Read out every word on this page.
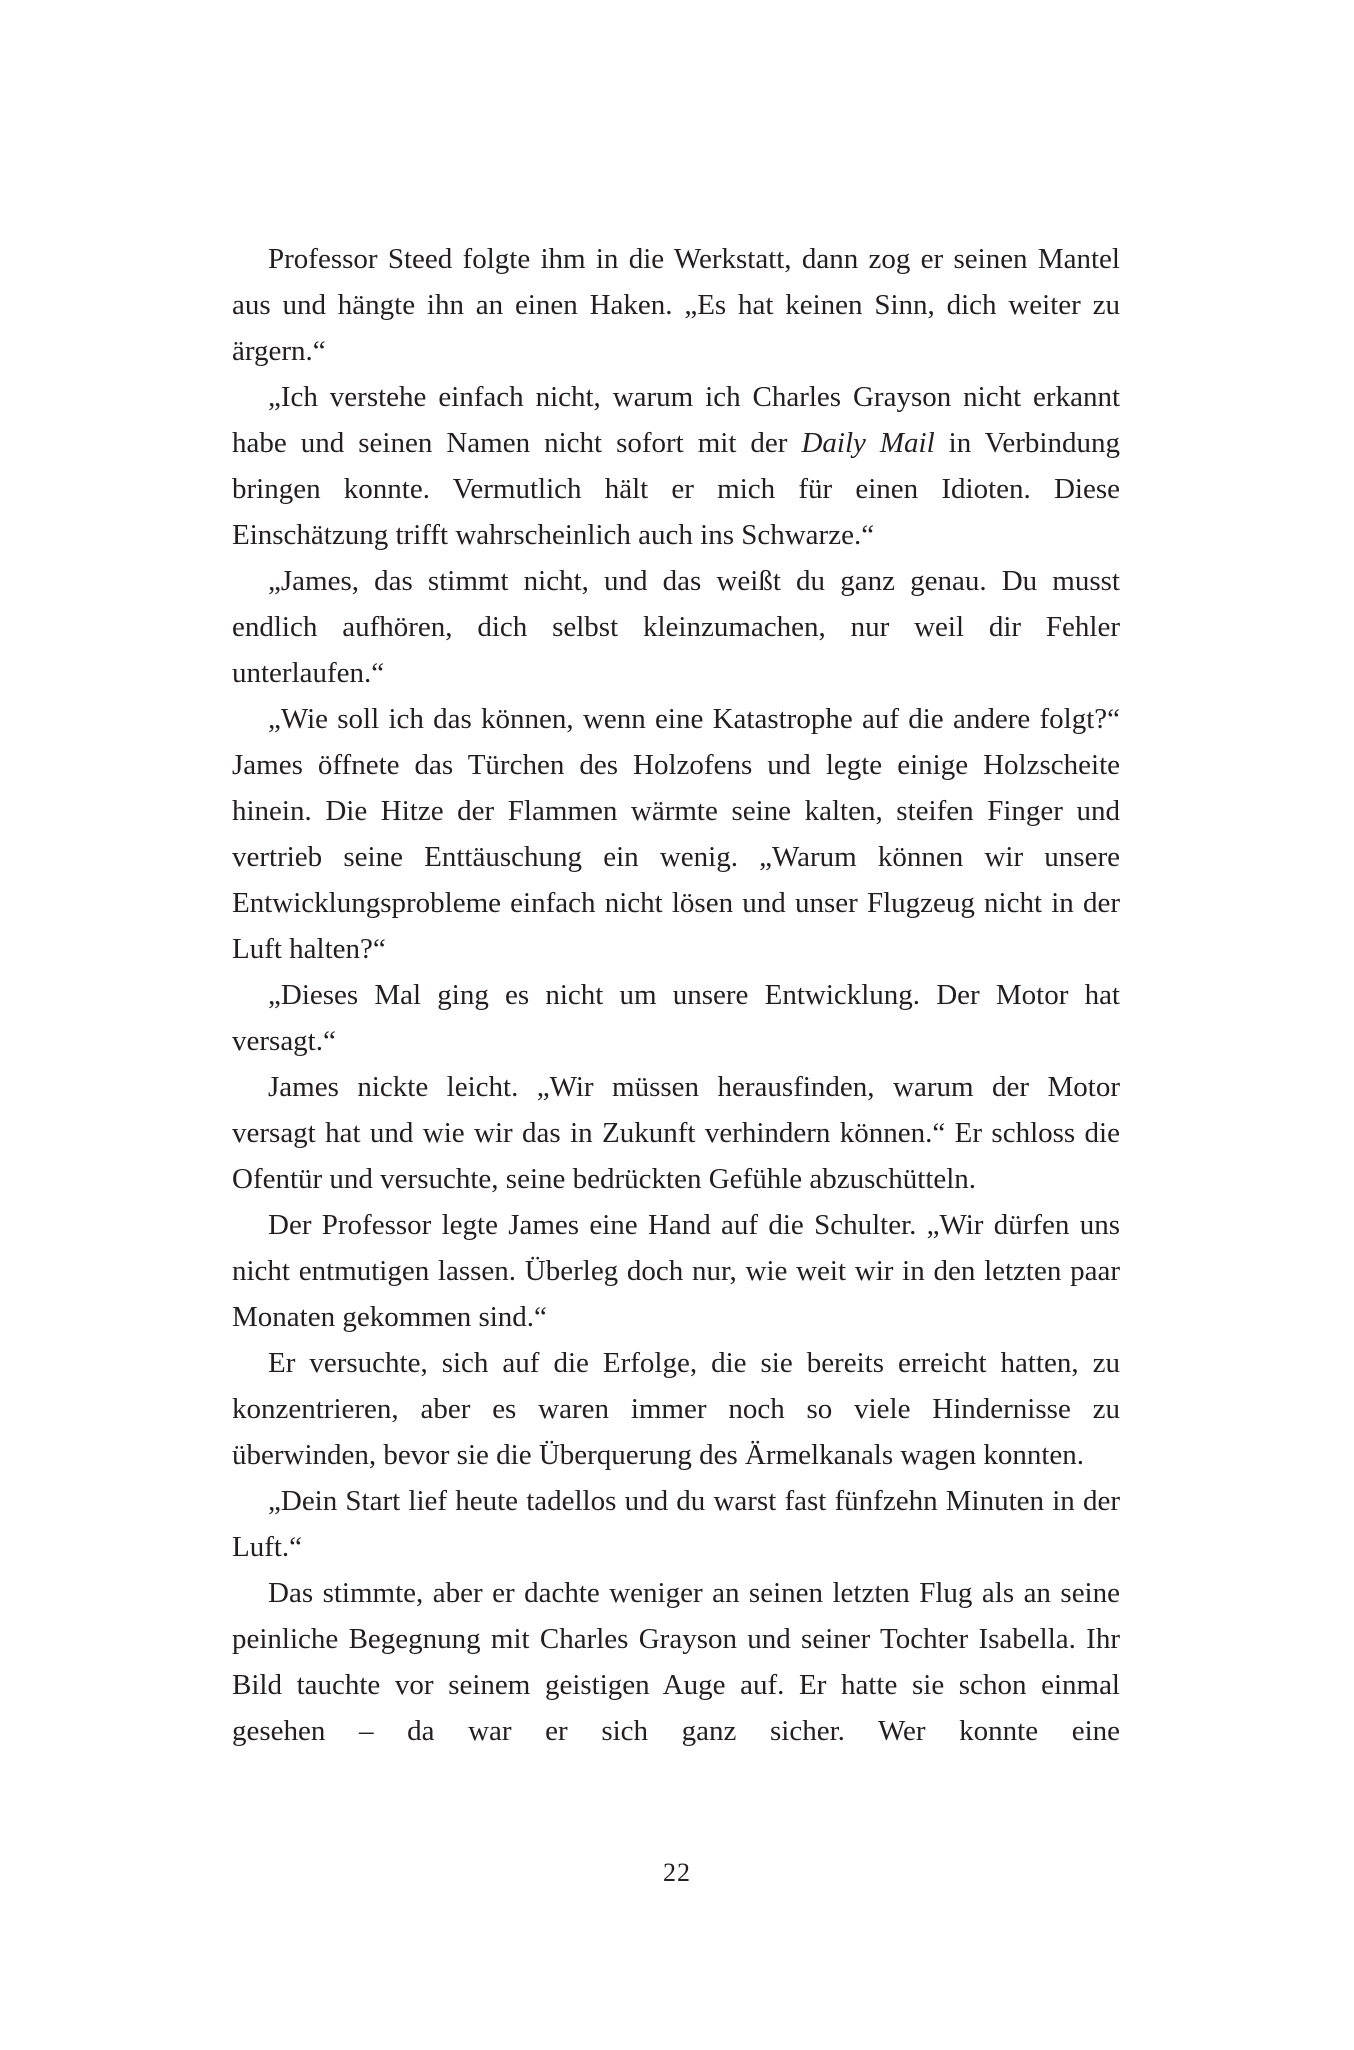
Professor Steed folgte ihm in die Werkstatt, dann zog er seinen Mantel aus und hängte ihn an einen Haken. „Es hat keinen Sinn, dich weiter zu ärgern.“

„Ich verstehe einfach nicht, warum ich Charles Grayson nicht erkannt habe und seinen Namen nicht sofort mit der Daily Mail in Verbindung bringen konnte. Vermutlich hält er mich für einen Idioten. Diese Einschätzung trifft wahrscheinlich auch ins Schwarze.“

„James, das stimmt nicht, und das weißt du ganz genau. Du musst endlich aufhören, dich selbst kleinzumachen, nur weil dir Fehler unterlaufen.“

„Wie soll ich das können, wenn eine Katastrophe auf die andere folgt?“ James öffnete das Türchen des Holzofens und legte einige Holzscheite hinein. Die Hitze der Flammen wärmte seine kalten, steifen Finger und vertrieb seine Enttäuschung ein wenig. „Warum können wir unsere Entwicklungsprobleme einfach nicht lösen und unser Flugzeug nicht in der Luft halten?“

„Dieses Mal ging es nicht um unsere Entwicklung. Der Motor hat versagt.“

James nickte leicht. „Wir müssen herausfinden, warum der Motor versagt hat und wie wir das in Zukunft verhindern können.“ Er schloss die Ofentür und versuchte, seine bedrückten Gefühle abzuschütteln.

Der Professor legte James eine Hand auf die Schulter. „Wir dürfen uns nicht entmutigen lassen. Überleg doch nur, wie weit wir in den letzten paar Monaten gekommen sind.“

Er versuchte, sich auf die Erfolge, die sie bereits erreicht hatten, zu konzentrieren, aber es waren immer noch so viele Hindernisse zu überwinden, bevor sie die Überquerung des Ärmelkanals wagen konnten.

„Dein Start lief heute tadellos und du warst fast fünfzehn Minuten in der Luft.“

Das stimmte, aber er dachte weniger an seinen letzten Flug als an seine peinliche Begegnung mit Charles Grayson und seiner Tochter Isabella. Ihr Bild tauchte vor seinem geistigen Auge auf. Er hatte sie schon einmal gesehen – da war er sich ganz sicher. Wer konnte eine

22
